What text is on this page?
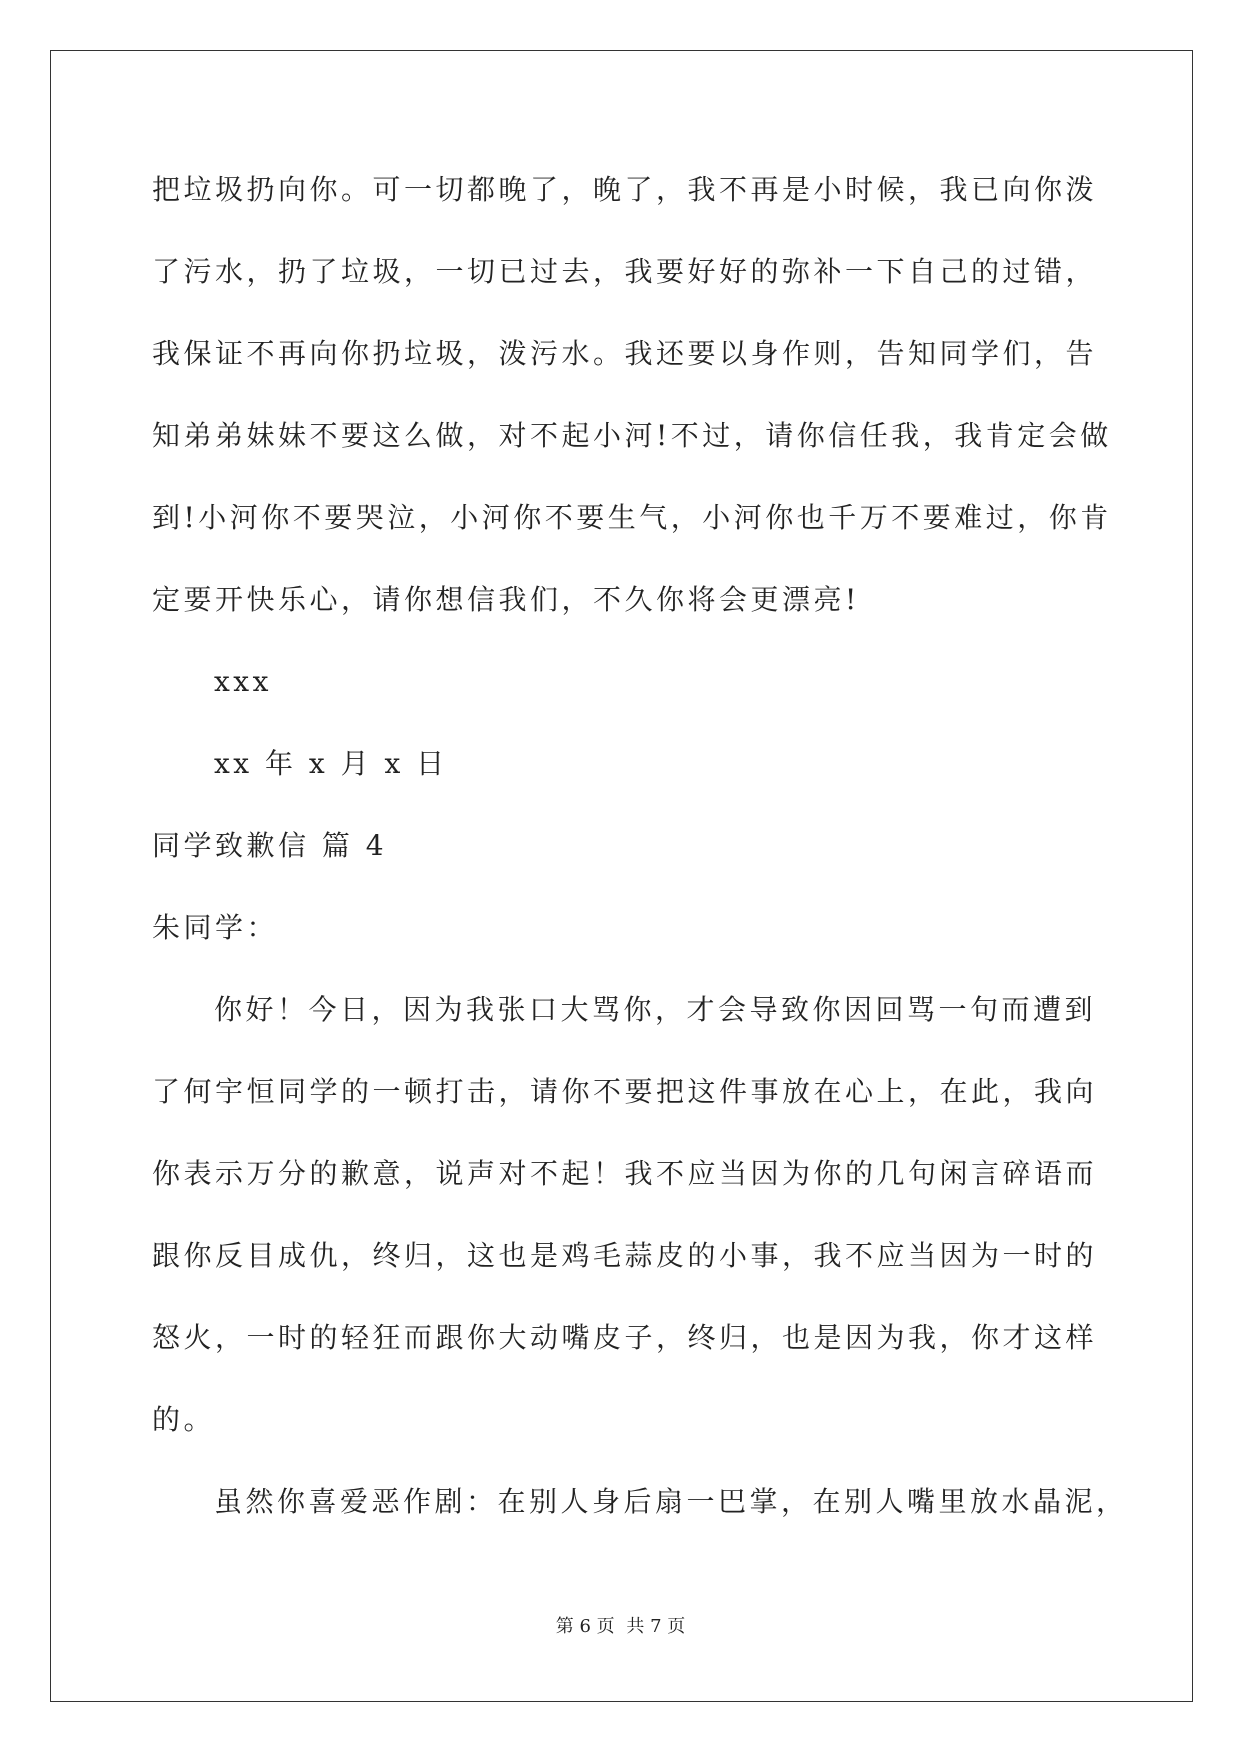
把垃圾扔向你。可一切都晚了，晚了，我不再是小时候，我已向你泼
了污水，扔了垃圾，一切已过去，我要好好的弥补一下自己的过错，
我保证不再向你扔垃圾，泼污水。我还要以身作则，告知同学们，告
知弟弟妹妹不要这么做，对不起小河!不过，请你信任我，我肯定会做
到!小河你不要哭泣，小河你不要生气，小河你也千万不要难过，你肯
定要开快乐心，请你想信我们，不久你将会更漂亮!
xxx
xx 年 x 月 x 日
同学致歉信 篇 4
朱同学：
你好！今日，因为我张口大骂你，才会导致你因回骂一句而遭到
了何宇恒同学的一顿打击，请你不要把这件事放在心上，在此，我向
你表示万分的歉意，说声对不起！我不应当因为你的几句闲言碎语而
跟你反目成仇，终归，这也是鸡毛蒜皮的小事，我不应当因为一时的
怒火，一时的轻狂而跟你大动嘴皮子，终归，也是因为我，你才这样
的。
虽然你喜爱恶作剧：在别人身后扇一巴掌，在别人嘴里放水晶泥，
第 6 页 共 7 页
